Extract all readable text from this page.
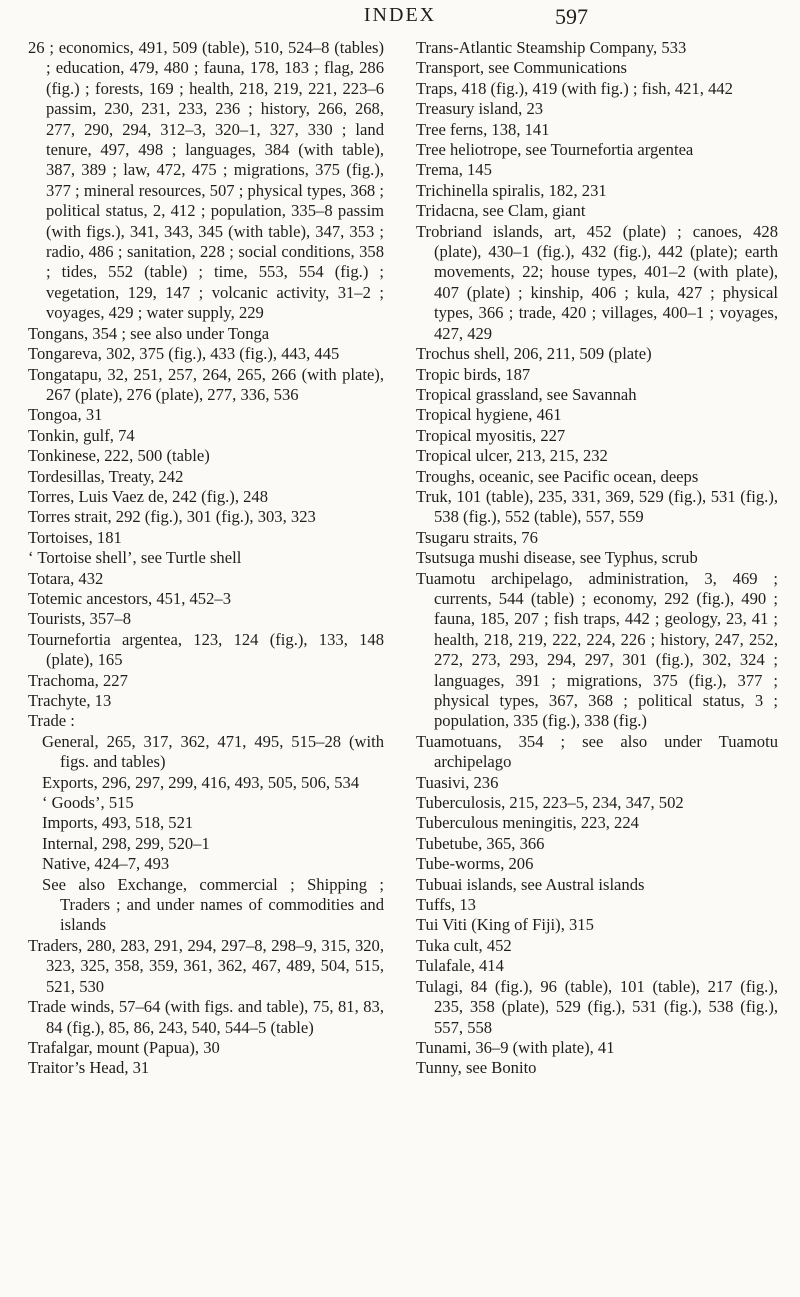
INDEX	597

26 ; economics, 491, 509 (table), 510, 524–8 (tables) ; education, 479, 480 ; fauna, 178, 183 ; flag, 286 (fig.) ; forests, 169 ; health, 218, 219, 221, 223–6 passim, 230, 231, 233, 236 ; history, 266, 268, 277, 290, 294, 312–3, 320–1, 327, 330 ; land tenure, 497, 498 ; languages, 384 (with table), 387, 389 ; law, 472, 475 ; migrations, 375 (fig.), 377 ; mineral resources, 507 ; physical types, 368 ; political status, 2, 412 ; population, 335–8 passim (with figs.), 341, 343, 345 (with table), 347, 353 ; radio, 486 ; sanitation, 228 ; social conditions, 358 ; tides, 552 (table) ; time, 553, 554 (fig.) ; vegetation, 129, 147 ; volcanic activity, 31–2 ; voyages, 429 ; water supply, 229

Tongans, 354 ; see also under Tonga

Tongareva, 302, 375 (fig.), 433 (fig.), 443, 445

Tongatapu, 32, 251, 257, 264, 265, 266 (with plate), 267 (plate), 276 (plate), 277, 336, 536

Tongoa, 31

Tonkin, gulf, 74

Tonkinese, 222, 500 (table)

Tordesillas, Treaty, 242

Torres, Luis Vaez de, 242 (fig.), 248

Torres strait, 292 (fig.), 301 (fig.), 303, 323

Tortoises, 181

‘ Tortoise shell’, see Turtle shell

Totara, 432

Totemic ancestors, 451, 452–3

Tourists, 357–8

Tournefortia argentea, 123, 124 (fig.), 133, 148 (plate), 165

Trachoma, 227

Trachyte, 13

Trade :

General, 265, 317, 362, 471, 495, 515–28 (with figs. and tables)

Exports, 296, 297, 299, 416, 493, 505, 506, 534

‘ Goods’, 515

Imports, 493, 518, 521

Internal, 298, 299, 520–1

Native, 424–7, 493

See also Exchange, commercial ; Shipping ; Traders ; and under names of commodities and islands

Traders, 280, 283, 291, 294, 297–8, 298–9, 315, 320, 323, 325, 358, 359, 361, 362, 467, 489, 504, 515, 521, 530

Trade winds, 57–64 (with figs. and table), 75, 81, 83, 84 (fig.), 85, 86, 243, 540, 544–5 (table)

Trafalgar, mount (Papua), 30

Traitor’s Head, 31

Trans-Atlantic Steamship Company, 533

Transport, see Communications

Traps, 418 (fig.), 419 (with fig.) ; fish, 421, 442

Treasury island, 23

Tree ferns, 138, 141

Tree heliotrope, see Tournefortia argentea

Trema, 145

Trichinella spiralis, 182, 231

Tridacna, see Clam, giant

Trobriand islands, art, 452 (plate) ; canoes, 428 (plate), 430–1 (fig.), 432 (fig.), 442 (plate); earth movements, 22; house types, 401–2 (with plate), 407 (plate) ; kinship, 406 ; kula, 427 ; physical types, 366 ; trade, 420 ; villages, 400–1 ; voyages, 427, 429

Trochus shell, 206, 211, 509 (plate)

Tropic birds, 187

Tropical grassland, see Savannah

Tropical hygiene, 461

Tropical myositis, 227

Tropical ulcer, 213, 215, 232

Troughs, oceanic, see Pacific ocean, deeps

Truk, 101 (table), 235, 331, 369, 529 (fig.), 531 (fig.), 538 (fig.), 552 (table), 557, 559

Tsugaru straits, 76

Tsutsuga mushi disease, see Typhus, scrub

Tuamotu archipelago, administration, 3, 469 ; currents, 544 (table) ; economy, 292 (fig.), 490 ; fauna, 185, 207 ; fish traps, 442 ; geology, 23, 41 ; health, 218, 219, 222, 224, 226 ; history, 247, 252, 272, 273, 293, 294, 297, 301 (fig.), 302, 324 ; languages, 391 ; migrations, 375 (fig.), 377 ; physical types, 367, 368 ; political status, 3 ; population, 335 (fig.), 338 (fig.)

Tuamotuans, 354 ; see also under Tuamotu archipelago

Tuasivi, 236

Tuberculosis, 215, 223–5, 234, 347, 502

Tuberculous meningitis, 223, 224

Tubetube, 365, 366

Tube-worms, 206

Tubuai islands, see Austral islands

Tuffs, 13

Tui Viti (King of Fiji), 315

Tuka cult, 452

Tulafale, 414

Tulagi, 84 (fig.), 96 (table), 101 (table), 217 (fig.), 235, 358 (plate), 529 (fig.), 531 (fig.), 538 (fig.), 557, 558

Tunami, 36–9 (with plate), 41

Tunny, see Bonito
